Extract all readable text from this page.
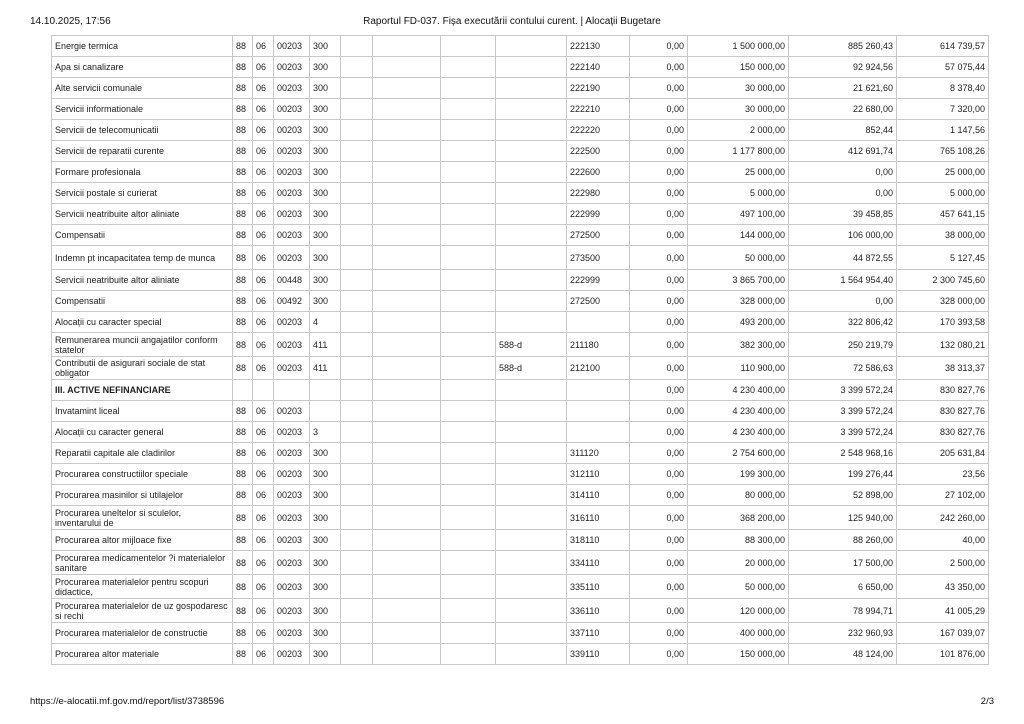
14.10.2025, 17:56	Raportul FD-037. Fișa executării contului curent. | Alocații Bugetare
Energie termica	88	06	00203	300					222130	0,00	1 500 000,00	885 260,43	614 739,57
Apa si canalizare	88	06	00203	300					222140	0,00	150 000,00	92 924,56	57 075,44
Alte servicii comunale	88	06	00203	300					222190	0,00	30 000,00	21 621,60	8 378,40
Servicii informationale	88	06	00203	300					222210	0,00	30 000,00	22 680,00	7 320,00
Servicii de telecomunicatii	88	06	00203	300					222220	0,00	2 000,00	852,44	1 147,56
Servicii de reparatii curente	88	06	00203	300					222500	0,00	1 177 800,00	412 691,74	765 108,26
Formare profesionala	88	06	00203	300					222600	0,00	25 000,00	0,00	25 000,00
Servicii postale si curierat	88	06	00203	300					222980	0,00	5 000,00	0,00	5 000,00
Servicii neatribuite altor aliniate	88	06	00203	300					222999	0,00	497 100,00	39 458,85	457 641,15
Compensatii	88	06	00203	300					272500	0,00	144 000,00	106 000,00	38 000,00
Indemn pt incapacitatea temp de munca	88	06	00203	300					273500	0,00	50 000,00	44 872,55	5 127,45
Servicii neatribuite altor aliniate	88	06	00448	300					222999	0,00	3 865 700,00	1 564 954,40	2 300 745,60
Compensatii	88	06	00492	300					272500	0,00	328 000,00	0,00	328 000,00
Alocații cu caracter special	88	06	00203	4						0,00	493 200,00	322 806,42	170 393,58
Remunerarea muncii angajatilor conform statelor	88	06	00203	411				588-d	211180	0,00	382 300,00	250 219,79	132 080,21
Contributii de asigurari sociale de stat obligator	88	06	00203	411				588-d	212100	0,00	110 900,00	72 586,63	38 313,37
III. ACTIVE NEFINANCIARE										0,00	4 230 400,00	3 399 572,24	830 827,76
Invatamint liceal	88	06	00203							0,00	4 230 400,00	3 399 572,24	830 827,76
Alocații cu caracter general	88	06	00203	3						0,00	4 230 400,00	3 399 572,24	830 827,76
Reparatii capitale ale cladirilor	88	06	00203	300					311120	0,00	2 754 600,00	2 548 968,16	205 631,84
Procurarea constructiilor speciale	88	06	00203	300					312110	0,00	199 300,00	199 276,44	23,56
Procurarea masinilor si utilajelor	88	06	00203	300					314110	0,00	80 000,00	52 898,00	27 102,00
Procurarea uneltelor si sculelor, inventarului de	88	06	00203	300					316110	0,00	368 200,00	125 940,00	242 260,00
Procurarea altor mijloace fixe	88	06	00203	300					318110	0,00	88 300,00	88 260,00	40,00
Procurarea medicamentelor ?i materialelor sanitare	88	06	00203	300					334110	0,00	20 000,00	17 500,00	2 500,00
Procurarea materialelor pentru scopuri didactice,	88	06	00203	300					335110	0,00	50 000,00	6 650,00	43 350,00
Procurarea materialelor de uz gospodaresc si rechi	88	06	00203	300					336110	0,00	120 000,00	78 994,71	41 005,29
Procurarea materialelor de constructie	88	06	00203	300					337110	0,00	400 000,00	232 960,93	167 039,07
Procurarea altor materiale	88	06	00203	300					339110	0,00	150 000,00	48 124,00	101 876,00
https://e-alocatii.mf.gov.md/report/list/3738596	2/3
